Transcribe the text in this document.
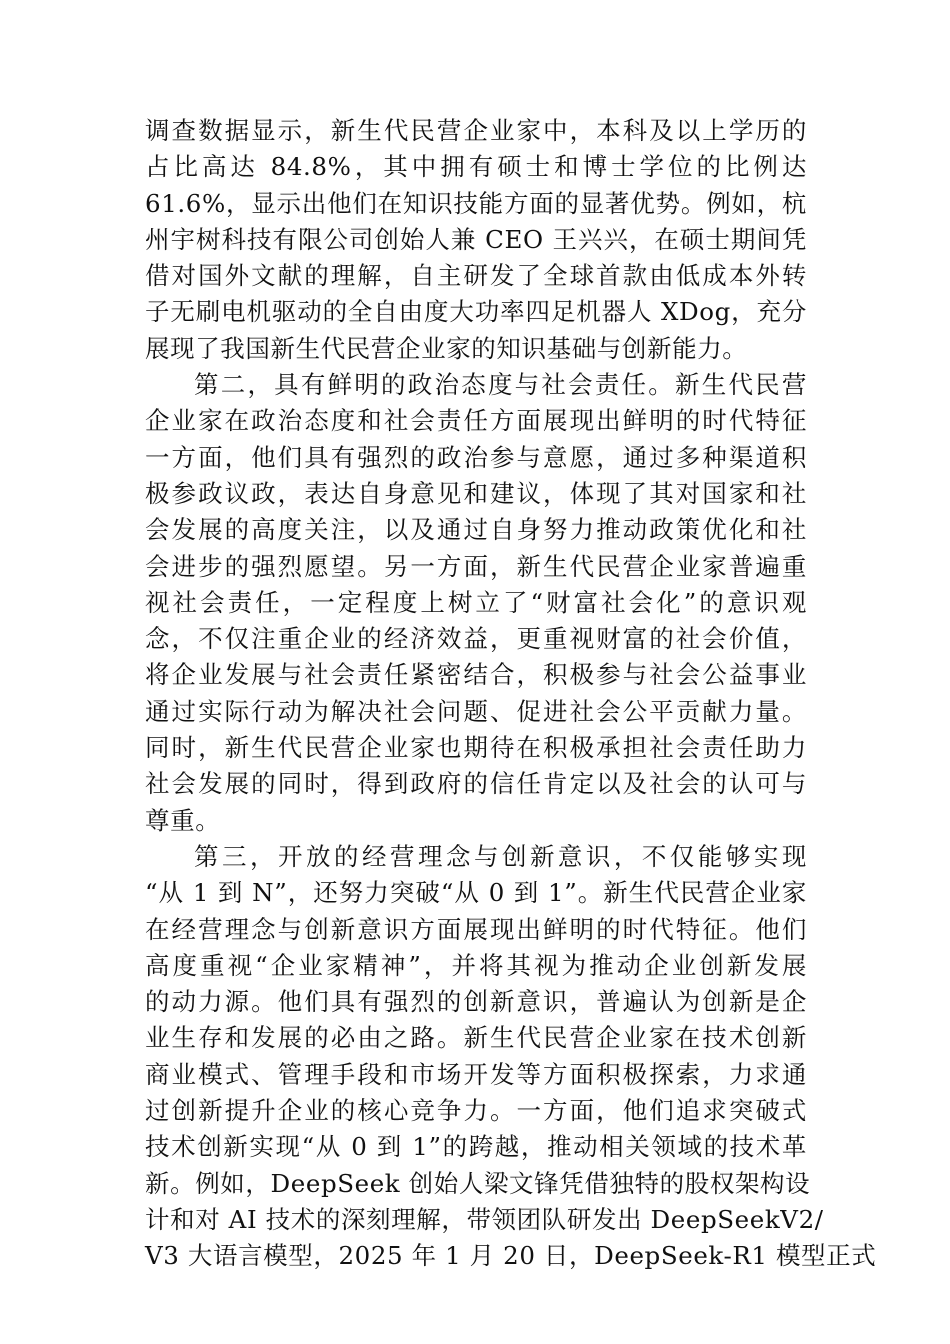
调查数据显示，新生代民营企业家中，本科及以上学历的
占比高达 84.8%，其中拥有硕士和博士学位的比例达
61.6%，显示出他们在知识技能方面的显著优势。例如，杭
州宇树科技有限公司创始人兼 CEO 王兴兴，在硕士期间凭
借对国外文献的理解，自主研发了全球首款由低成本外转
子无刷电机驱动的全自由度大功率四足机器人 XDog，充分
展现了我国新生代民营企业家的知识基础与创新能力。
第二，具有鲜明的政治态度与社会责任。新生代民营
企业家在政治态度和社会责任方面展现出鲜明的时代特征
一方面，他们具有强烈的政治参与意愿，通过多种渠道积
极参政议政，表达自身意见和建议，体现了其对国家和社
会发展的高度关注，以及通过自身努力推动政策优化和社
会进步的强烈愿望。另一方面，新生代民营企业家普遍重
视社会责任，一定程度上树立了“财富社会化”的意识观
念，不仅注重企业的经济效益，更重视财富的社会价值，
将企业发展与社会责任紧密结合，积极参与社会公益事业
通过实际行动为解决社会问题、促进社会公平贡献力量。
同时，新生代民营企业家也期待在积极承担社会责任助力
社会发展的同时，得到政府的信任肯定以及社会的认可与
尊重。
第三，开放的经营理念与创新意识，不仅能够实现
“从 1 到 N”，还努力突破“从 0 到 1”。新生代民营企业家
在经营理念与创新意识方面展现出鲜明的时代特征。他们
高度重视“企业家精神”，并将其视为推动企业创新发展
的动力源。他们具有强烈的创新意识，普遍认为创新是企
业生存和发展的必由之路。新生代民营企业家在技术创新
商业模式、管理手段和市场开发等方面积极探索，力求通
过创新提升企业的核心竞争力。一方面，他们追求突破式
技术创新实现“从 0 到 1”的跨越，推动相关领域的技术革
新。例如，DeepSeek 创始人梁文锋凭借独特的股权架构设
计和对 AI 技术的深刻理解，带领团队研发出 DeepSeekV2/
V3 大语言模型，2025 年 1 月 20 日，DeepSeek-R1 模型正式
